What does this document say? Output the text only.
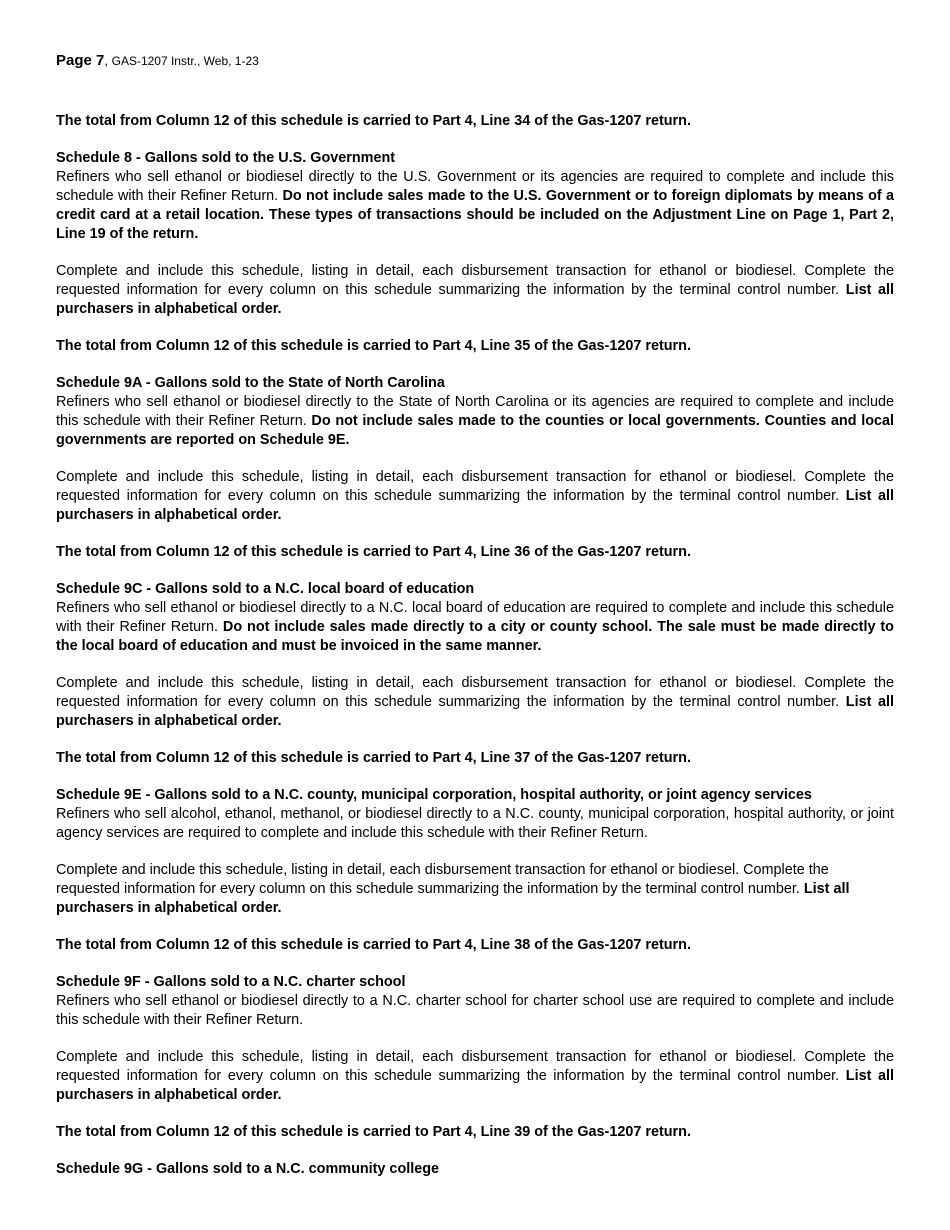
Page 7, GAS-1207 Instr., Web, 1-23

The total from Column 12 of this schedule is carried to Part 4, Line 34 of the Gas-1207 return.

Schedule 8 - Gallons sold to the U.S. Government

Refiners who sell ethanol or biodiesel directly to the U.S. Government or its agencies are required to complete and include this schedule with their Refiner Return. Do not include sales made to the U.S. Government or to foreign diplomats by means of a credit card at a retail location. These types of transactions should be included on the Adjustment Line on Page 1, Part 2, Line 19 of the return.

Complete and include this schedule, listing in detail, each disbursement transaction for ethanol or biodiesel. Complete the requested information for every column on this schedule summarizing the information by the terminal control number. List all purchasers in alphabetical order.

The total from Column 12 of this schedule is carried to Part 4, Line 35 of the Gas-1207 return.

Schedule 9A - Gallons sold to the State of North Carolina

Refiners who sell ethanol or biodiesel directly to the State of North Carolina or its agencies are required to complete and include this schedule with their Refiner Return. Do not include sales made to the counties or local governments. Counties and local governments are reported on Schedule 9E.

Complete and include this schedule, listing in detail, each disbursement transaction for ethanol or biodiesel. Complete the requested information for every column on this schedule summarizing the information by the terminal control number. List all purchasers in alphabetical order.

The total from Column 12 of this schedule is carried to Part 4, Line 36 of the Gas-1207 return.

Schedule 9C - Gallons sold to a N.C. local board of education

Refiners who sell ethanol or biodiesel directly to a N.C. local board of education are required to complete and include this schedule with their Refiner Return. Do not include sales made directly to a city or county school. The sale must be made directly to the local board of education and must be invoiced in the same manner.

Complete and include this schedule, listing in detail, each disbursement transaction for ethanol or biodiesel. Complete the requested information for every column on this schedule summarizing the information by the terminal control number. List all purchasers in alphabetical order.

The total from Column 12 of this schedule is carried to Part 4, Line 37 of the Gas-1207 return.

Schedule 9E - Gallons sold to a N.C. county, municipal corporation, hospital authority, or joint agency services

Refiners who sell alcohol, ethanol, methanol, or biodiesel directly to a N.C. county, municipal corporation, hospital authority, or joint agency services are required to complete and include this schedule with their Refiner Return.

Complete and include this schedule, listing in detail, each disbursement transaction for ethanol or biodiesel. Complete the requested information for every column on this schedule summarizing the information by the terminal control number. List all purchasers in alphabetical order.

The total from Column 12 of this schedule is carried to Part 4, Line 38 of the Gas-1207 return.

Schedule 9F - Gallons sold to a N.C. charter school

Refiners who sell ethanol or biodiesel directly to a N.C. charter school for charter school use are required to complete and include this schedule with their Refiner Return.

Complete and include this schedule, listing in detail, each disbursement transaction for ethanol or biodiesel. Complete the requested information for every column on this schedule summarizing the information by the terminal control number. List all purchasers in alphabetical order.

The total from Column 12 of this schedule is carried to Part 4, Line 39 of the Gas-1207 return.

Schedule 9G - Gallons sold to a N.C. community college
